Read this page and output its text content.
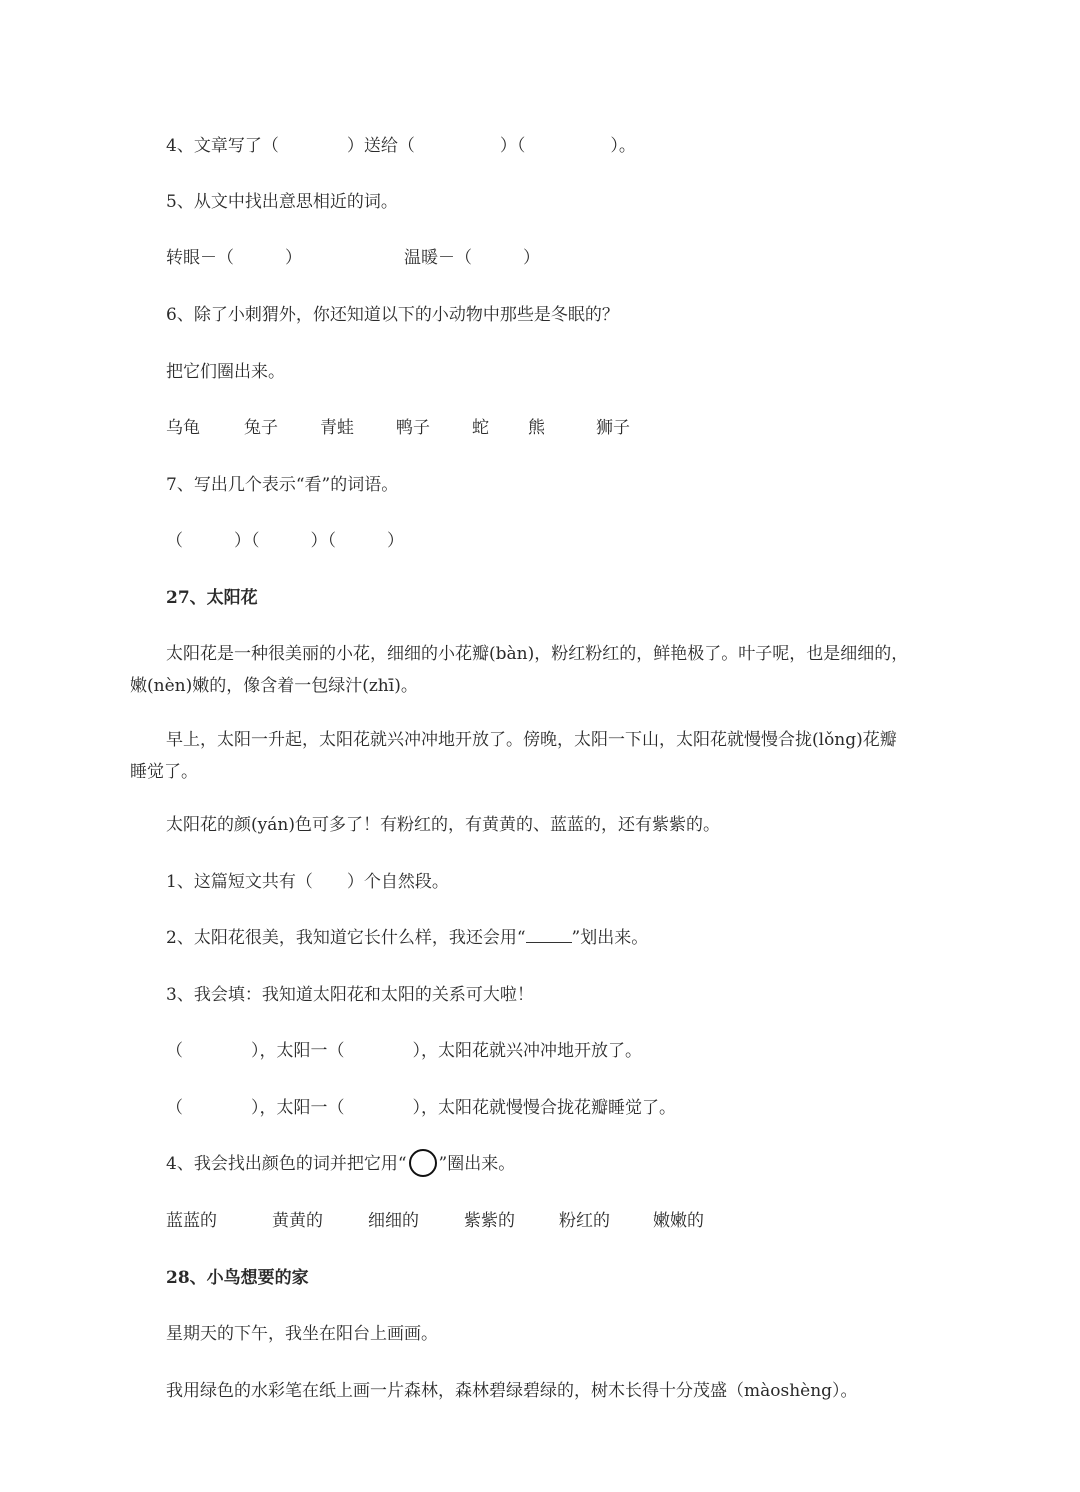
4、文章写了（　　　　）送给（　　　　　）（　　　　　）。
5、从文中找出意思相近的词。
转眼－（　　　）	温暖－（　　　）
6、除了小刺猬外，你还知道以下的小动物中那些是冬眠的？
把它们圈出来。
乌龟	兔子 青蛙 鸭子 蛇 熊	狮子
7、写出几个表示“看”的词语。
（　　　）（　　　）（　　　）
27、太阳花
太阳花是一种很美丽的小花，细细的小花瓣(bàn)，粉红粉红的，鲜艳极了。叶子呢，也是细细的，
嫩(nèn)嫩的，像含着一包绿汁(zhī)。
早上，太阳一升起，太阳花就兴冲冲地开放了。傍晚，太阳一下山，太阳花就慢慢合拢(lǒng)花瓣
睡觉了。
太阳花的颜(yán)色可多了！有粉红的，有黄黄的、蓝蓝的，还有紫紫的。
1、这篇短文共有（　　）个自然段。
2、太阳花很美，我知道它长什么样，我还会用“	”划出来。
3、我会填：我知道太阳花和太阳的关系可大啦！
（　　　　），太阳一（　　　　），太阳花就兴冲冲地开放了。
（　　　　），太阳一（　　　　），太阳花就慢慢合拢花瓣睡觉了。
4、我会找出颜色的词并把它用“ ”圈出来。
蓝蓝的	黄黄的	细细的	紫紫的	粉红的	嫩嫩的
28、小鸟想要的家
星期天的下午，我坐在阳台上画画。
我用绿色的水彩笔在纸上画一片森林，森林碧绿碧绿的，树木长得十分茂盛（màoshèng）。
